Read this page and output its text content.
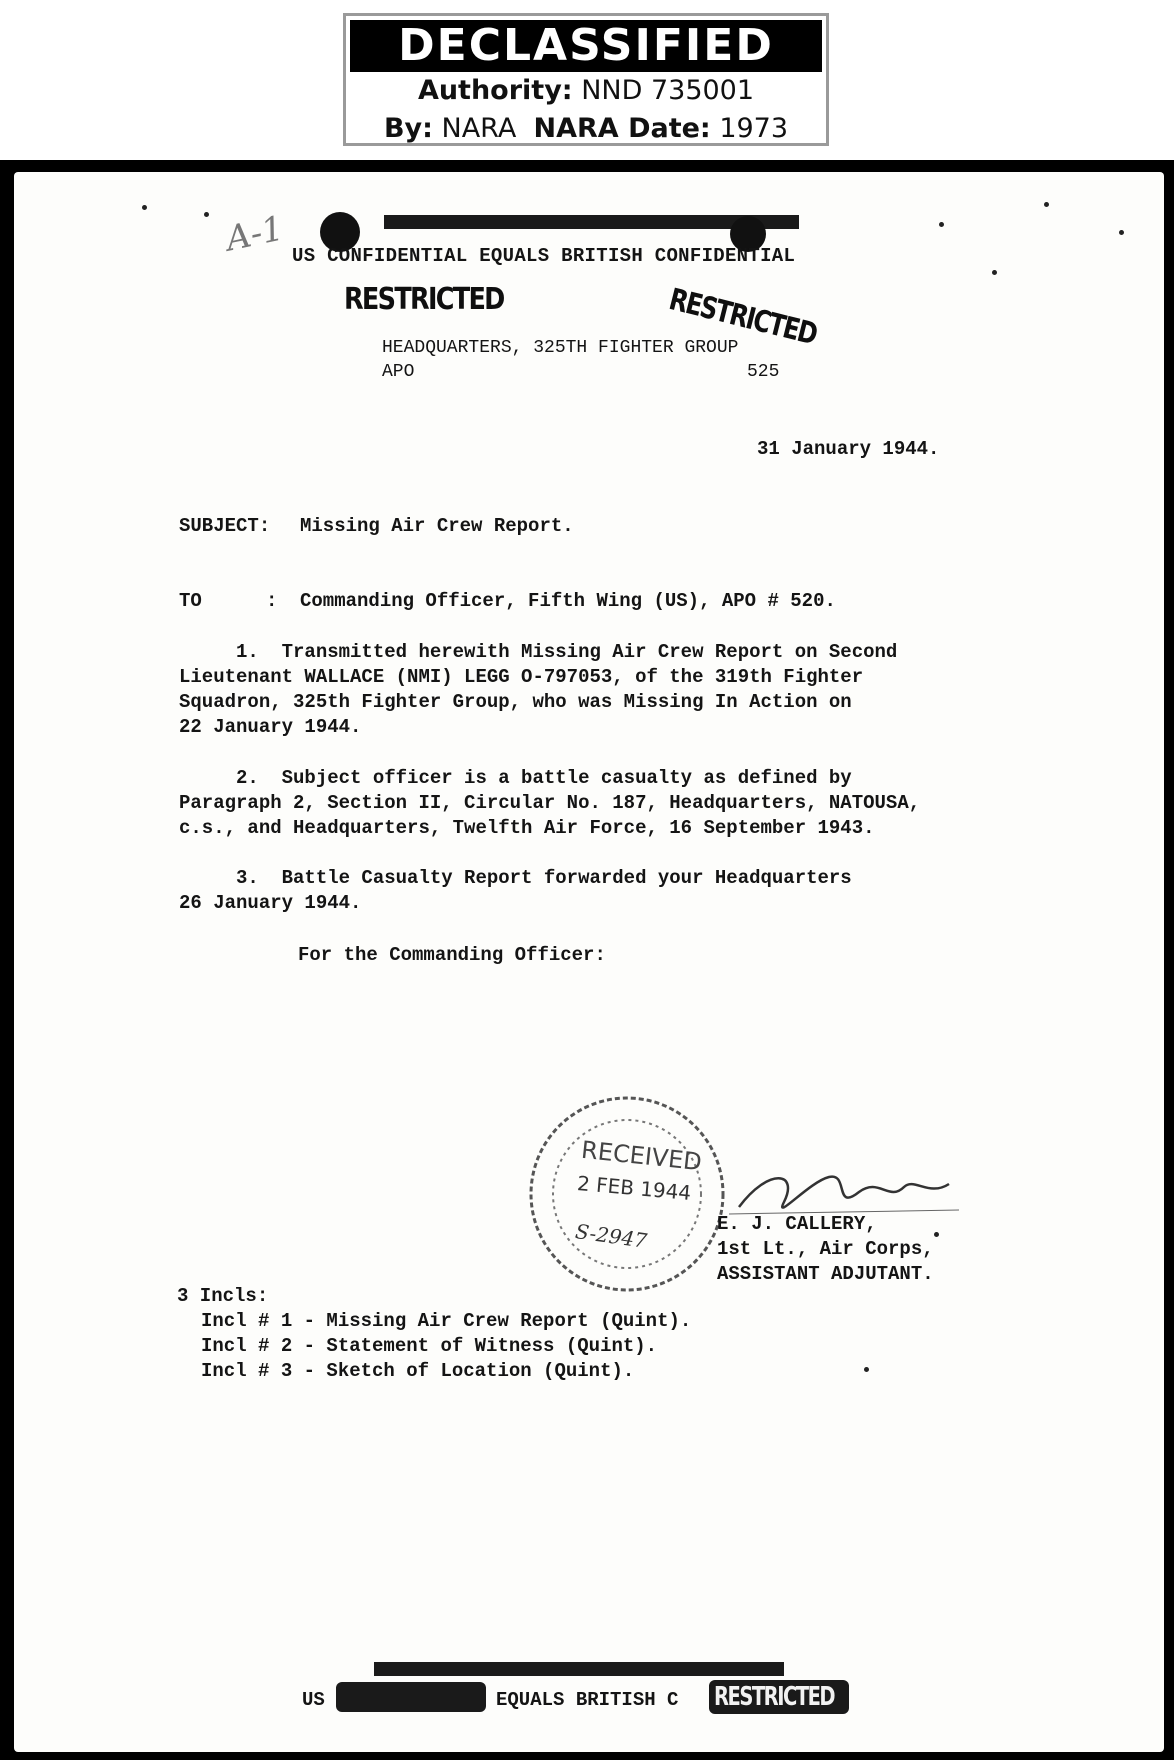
DECLASSIFIED
Authority: NND 735001
By: NARA NARA Date: 1973
US CONFIDENTIAL EQUALS BRITISH CONFIDENTIAL
A-1
RESTRICTED	RESTRICTED
HEADQUARTERS, 325TH FIGHTER GROUP
APO	525
31 January 1944.
SUBJECT: Missing Air Crew Report.
TO	: Commanding Officer, Fifth Wing (US), APO # 520.
1.  Transmitted herewith Missing Air Crew Report on Second
Lieutenant WALLACE (NMI) LEGG O-797053, of the 319th Fighter
Squadron, 325th Fighter Group, who was Missing In Action on
22 January 1944.
2.  Subject officer is a battle casualty as defined by
Paragraph 2, Section II, Circular No. 187, Headquarters, NATOUSA,
c.s., and Headquarters, Twelfth Air Force, 16 September 1943.
3.  Battle Casualty Report forwarded your Headquarters
26 January 1944.
For the Commanding Officer:
RECEIVED
2 FEB 1944
S-2947	E. J. CALLERY,
1st Lt., Air Corps,
ASSISTANT ADJUTANT.
3 Incls:
Incl # 1 - Missing Air Crew Report (Quint).
Incl # 2 - Statement of Witness (Quint).
Incl # 3 - Sketch of Location (Quint).
US	EQUALS BRITISH C RESTRICTED
